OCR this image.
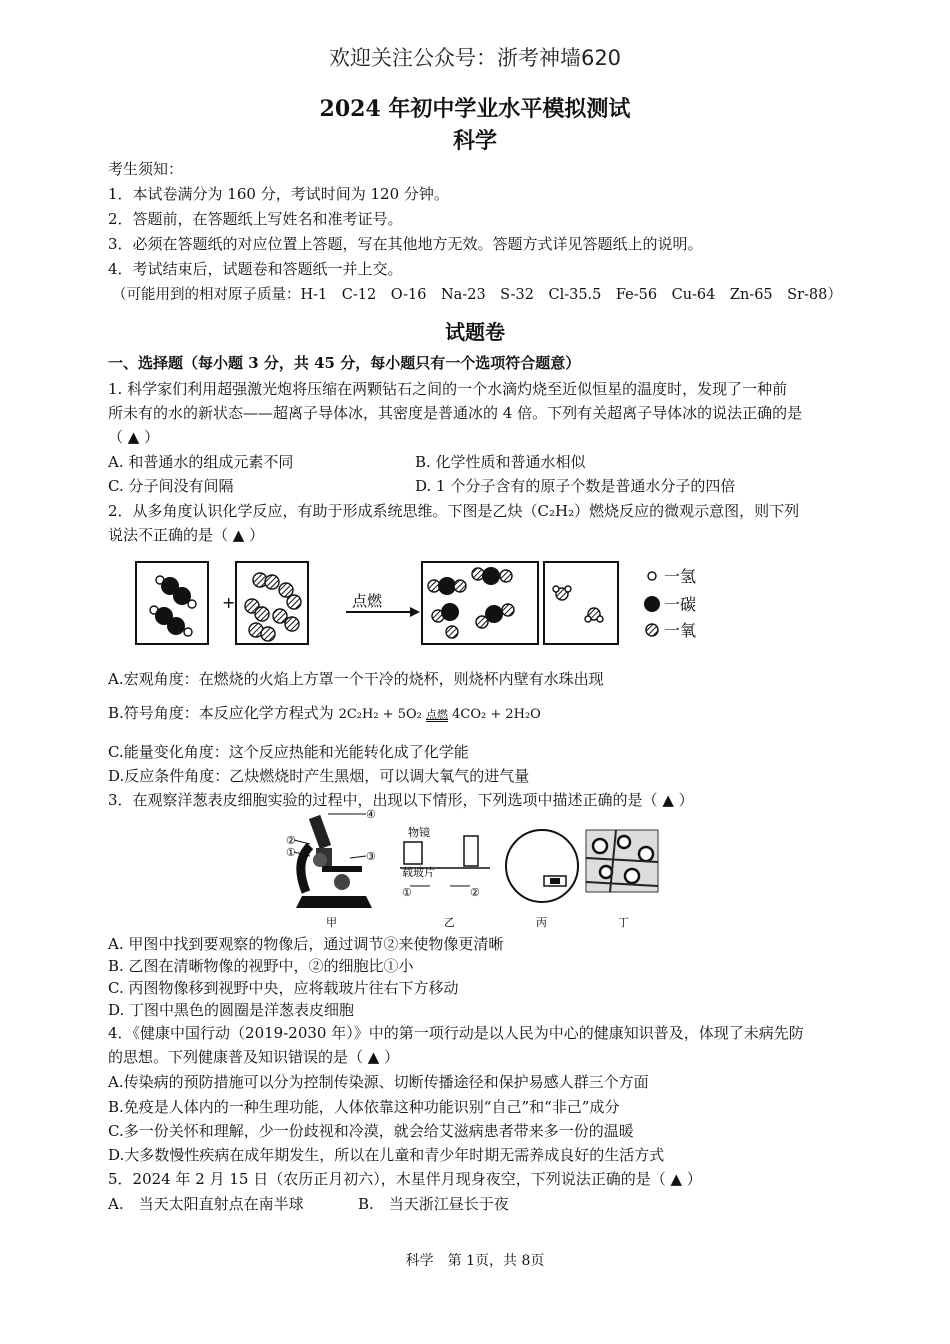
欢迎关注公众号：浙考神墙620
2024 年初中学业水平模拟测试
科学
考生须知：
1．本试卷满分为 160 分，考试时间为 120 分钟。
2．答题前，在答题纸上写姓名和准考证号。
3．必须在答题纸的对应位置上答题，写在其他地方无效。答题方式详见答题纸上的说明。
4．考试结束后，试题卷和答题纸一并上交。
（可能用到的相对原子质量：H-1　C-12　O-16　Na-23　S-32　Cl-35.5　Fe-56　Cu-64　Zn-65　Sr-88）
试题卷
一、选择题（每小题 3 分，共 45 分，每小题只有一个选项符合题意）
1. 科学家们利用超强激光炮将压缩在两颗钻石之间的一个水滴灼烧至近似恒星的温度时，发现了一种前
所未有的水的新状态——超离子导体冰，其密度是普通冰的 4 倍。下列有关超离子导体冰的说法正确的是
（ ▲ ）
A. 和普通水的组成元素不同	B. 化学性质和普通水相似
C. 分子间没有间隔	D. 1 个分子含有的原子个数是普通水分子的四倍
2．从多角度认识化学反应，有助于形成系统思维。下图是乙炔（C₂H₂）燃烧反应的微观示意图，则下列
说法不正确的是（ ▲ ）
+	点燃
一氢
一碳
一氧
A.宏观角度：在燃烧的火焰上方罩一个干冷的烧杯，则烧杯内壁有水珠出现
B.符号角度：本反应化学方程式为 2C₂H₂ + 5O₂ 点燃 4CO₂ + 2H₂O
C.能量变化角度：这个反应热能和光能转化成了化学能
D.反应条件角度：乙炔燃烧时产生黑烟，可以调大氧气的进气量
3．在观察洋葱表皮细胞实验的过程中，出现以下情形，下列选项中描述正确的是（ ▲ ）
②
①	③
④
物镜
载玻片
①	②
甲	乙	丙	丁
A. 甲图中找到要观察的物像后，通过调节②来使物像更清晰
B. 乙图在清晰物像的视野中，②的细胞比①小
C. 丙图物像移到视野中央，应将载玻片往右下方移动
D. 丁图中黑色的圆圈是洋葱表皮细胞
4．《健康中国行动（2019-2030 年）》中的第一项行动是以人民为中心的健康知识普及，体现了未病先防
的思想。下列健康普及知识错误的是（ ▲ ）
A.传染病的预防措施可以分为控制传染源、切断传播途径和保护易感人群三个方面
B.免疫是人体内的一种生理功能，人体依靠这种功能识别“自己”和“非己”成分
C.多一份关怀和理解，少一份歧视和冷漠，就会给艾滋病患者带来多一份的温暖
D.大多数慢性疾病在成年期发生，所以在儿童和青少年时期无需养成良好的生活方式
5．2024 年 2 月 15 日（农历正月初六），木星伴月现身夜空，下列说法正确的是（ ▲ ）
A.　当天太阳直射点在南半球	B.　当天浙江昼长于夜
科学　第 1页，共 8页
